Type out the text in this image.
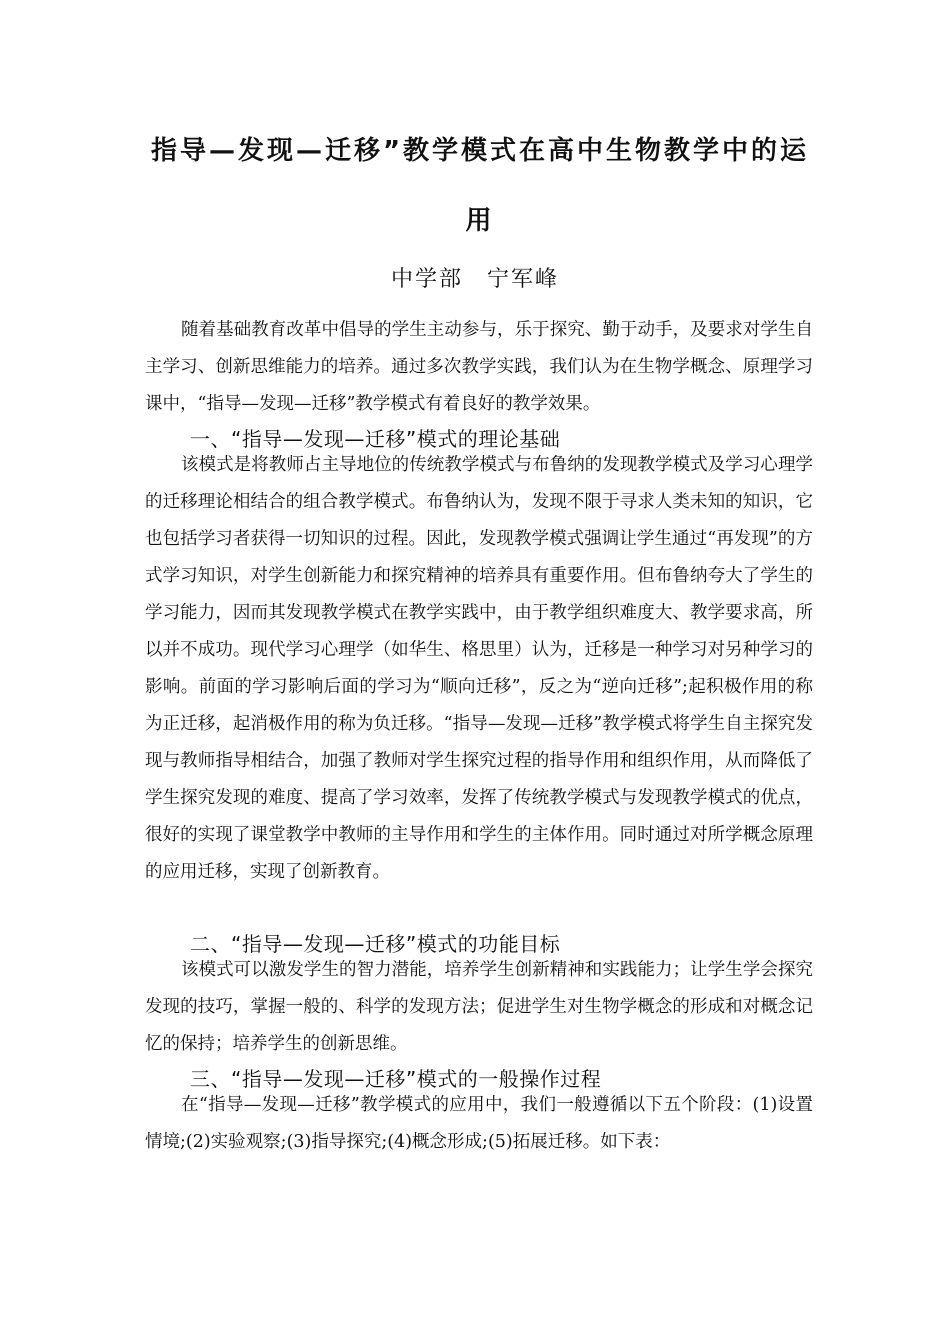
指导—发现—迁移”教学模式在高中生物教学中的运
用

中学部　宁军峰

随着基础教育改革中倡导的学生主动参与，乐于探究、勤于动手，及要求对学生自主学习、创新思维能力的培养。通过多次教学实践，我们认为在生物学概念、原理学习课中，“指导—发现—迁移”教学模式有着良好的教学效果。

一、“指导—发现—迁移”模式的理论基础

该模式是将教师占主导地位的传统教学模式与布鲁纳的发现教学模式及学习心理学的迁移理论相结合的组合教学模式。布鲁纳认为，发现不限于寻求人类未知的知识，它也包括学习者获得一切知识的过程。因此，发现教学模式强调让学生通过“再发现”的方式学习知识，对学生创新能力和探究精神的培养具有重要作用。但布鲁纳夸大了学生的学习能力，因而其发现教学模式在教学实践中，由于教学组织难度大、教学要求高，所以并不成功。现代学习心理学（如华生、格思里）认为，迁移是一种学习对另种学习的影响。前面的学习影响后面的学习为“顺向迁移”，反之为“逆向迁移”;起积极作用的称为正迁移，起消极作用的称为负迁移。“指导—发现—迁移”教学模式将学生自主探究发现与教师指导相结合，加强了教师对学生探究过程的指导作用和组织作用，从而降低了学生探究发现的难度、提高了学习效率，发挥了传统教学模式与发现教学模式的优点，很好的实现了课堂教学中教师的主导作用和学生的主体作用。同时通过对所学概念原理的应用迁移，实现了创新教育。

二、“指导—发现—迁移”模式的功能目标

该模式可以激发学生的智力潜能，培养学生创新精神和实践能力；让学生学会探究发现的技巧，掌握一般的、科学的发现方法；促进学生对生物学概念的形成和对概念记忆的保持；培养学生的创新思维。

三、“指导—发现—迁移”模式的一般操作过程

在“指导—发现—迁移”教学模式的应用中，我们一般遵循以下五个阶段：(1)设置情境;(2)实验观察;(3)指导探究;(4)概念形成;(5)拓展迁移。如下表：
